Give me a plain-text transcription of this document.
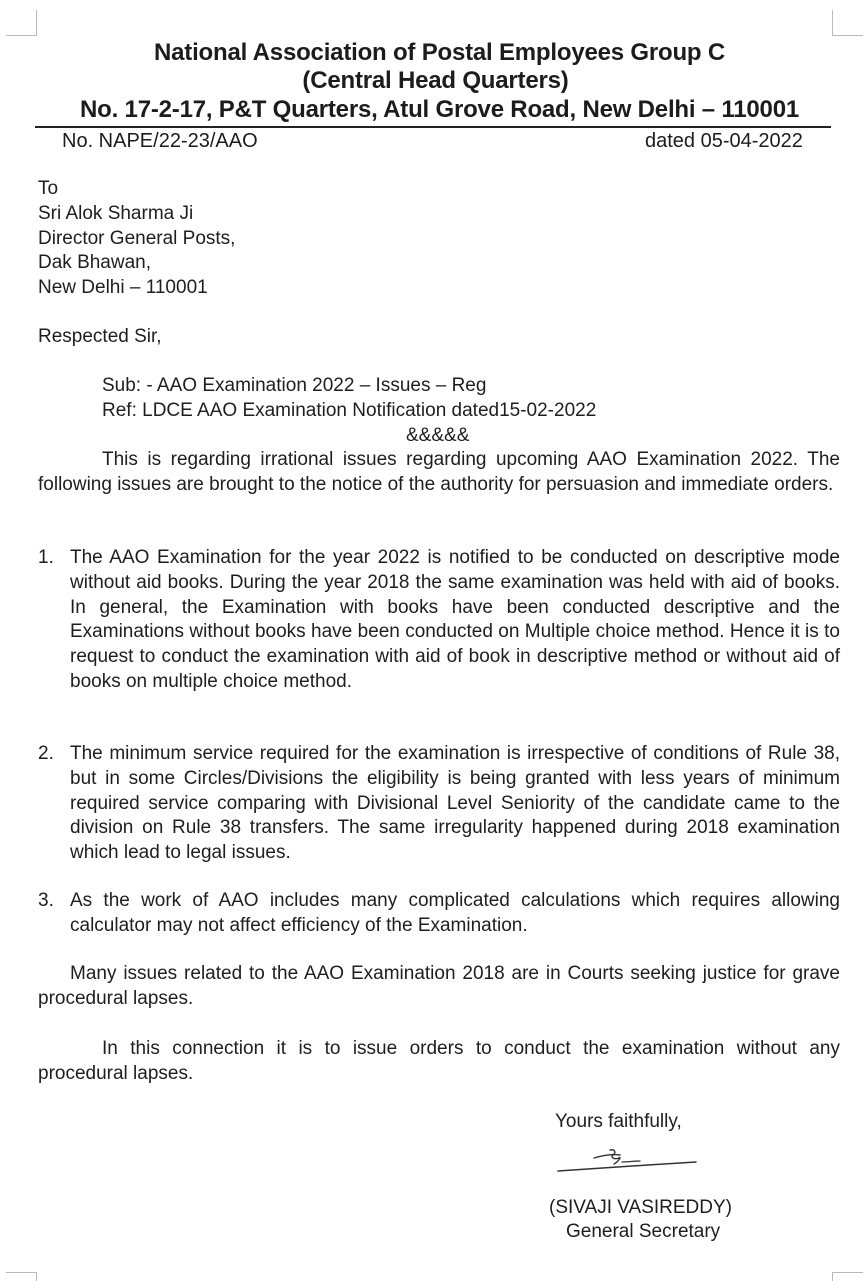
National Association of Postal Employees Group C
(Central Head Quarters)
No. 17-2-17, P&T Quarters, Atul Grove Road, New Delhi – 110001
No. NAPE/22-23/AAO	dated 05-04-2022
To
Sri Alok Sharma Ji
Director General Posts,
Dak Bhawan,
New Delhi – 110001
Respected Sir,
Sub: - AAO Examination 2022 – Issues – Reg
Ref: LDCE AAO Examination Notification dated15-02-2022
&&&&&
This is regarding irrational issues regarding upcoming AAO Examination 2022. The following issues are brought to the notice of the authority for persuasion and immediate orders.
1. The AAO Examination for the year 2022 is notified to be conducted on descriptive mode without aid books. During the year 2018 the same examination was held with aid of books. In general, the Examination with books have been conducted descriptive and the Examinations without books have been conducted on Multiple choice method. Hence it is to request to conduct the examination with aid of book in descriptive method or without aid of books on multiple choice method.
2. The minimum service required for the examination is irrespective of conditions of Rule 38, but in some Circles/Divisions the eligibility is being granted with less years of minimum required service comparing with Divisional Level Seniority of the candidate came to the division on Rule 38 transfers. The same irregularity happened during 2018 examination which lead to legal issues.
3. As the work of AAO includes many complicated calculations which requires allowing calculator may not affect efficiency of the Examination.
Many issues related to the AAO Examination 2018 are in Courts seeking justice for grave procedural lapses.
In this connection it is to issue orders to conduct the examination without any procedural lapses.
Yours faithfully,
(SIVAJI VASIREDDY)
General Secretary
